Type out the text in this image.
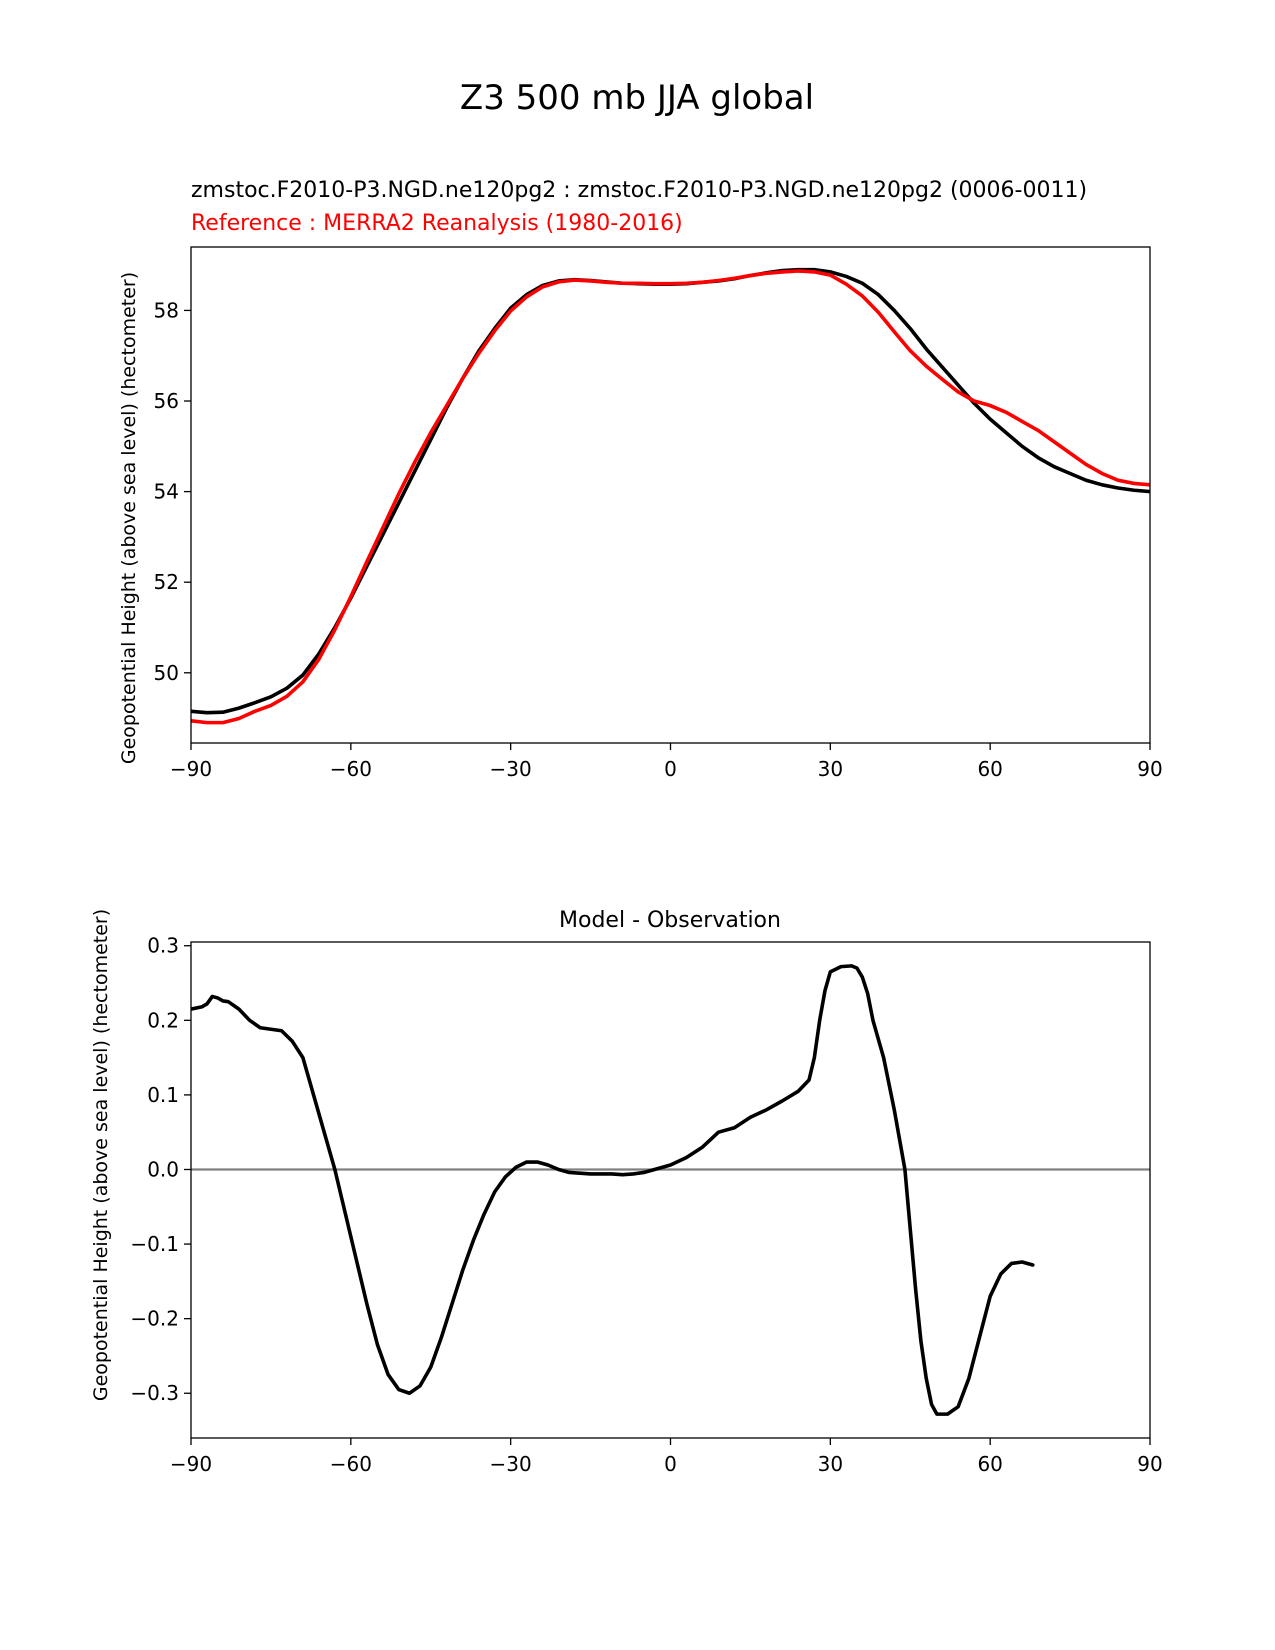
Z3 500 mb JJA global
zmstoc.F2010-P3.NGD.ne120pg2 : zmstoc.F2010-P3.NGD.ne120pg2 (0006-0011)
Reference : MERRA2 Reanalysis (1980-2016)
Geopotential Height (above sea level) (hectometer)
−90	−60	−30	0	30	60	90
50
52
54
56
58
Model - Observation
Geopotential Height (above sea level) (hectometer)
−90	−60	−30	0	30	60	90
−0.3
−0.2
−0.1
0.0
0.1
0.2
0.3
